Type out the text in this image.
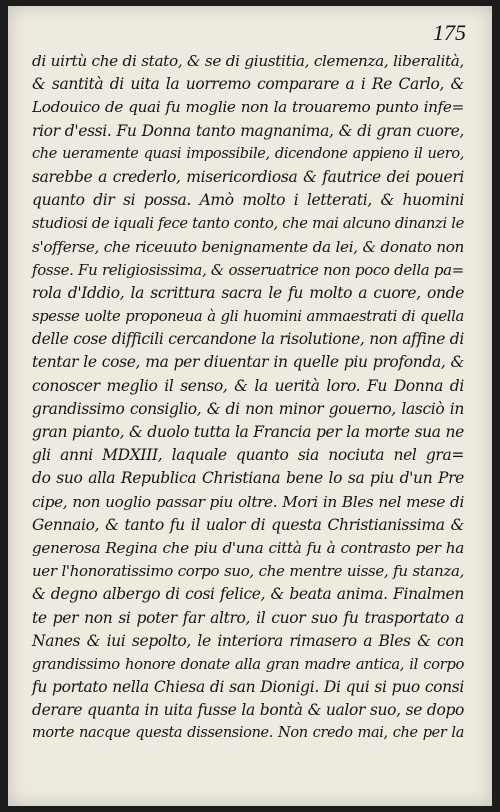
175
di uirtù che di stato, & se di giustitia, clemenza, liberalità,
& santità di uita la uorremo comparare a i Re Carlo, &
Lodouico de quai fu moglie non la trouaremo punto infe=
rior d'essi. Fu Donna tanto magnanima, & di gran cuore,
che ueramente quasi impossibile, dicendone appieno il uero,
sarebbe a crederlo, misericordiosa & fautrice dei poueri
quanto dir si possa. Amò molto i letterati, & huomini
studiosi de iquali fece tanto conto, che mai alcuno dinanzi le
s'offerse, che riceuuto benignamente da lei, & donato non
fosse. Fu religiosissima, & osseruatrice non poco della pa=
rola d'Iddio, la scrittura sacra le fu molto a cuore, onde
spesse uolte proponeua à gli huomini ammaestrati di quella
delle cose difficili cercandone la risolutione, non affine di
tentar le cose, ma per diuentar in quelle piu profonda, &
conoscer meglio il senso, & la uerità loro. Fu Donna di
grandissimo consiglio, & di non minor gouerno, lasciò in
gran pianto, & duolo tutta la Francia per la morte sua ne
gli anni MDXIII, laquale quanto sia nociuta nel gra=
do suo alla Republica Christiana bene lo sa piu d'un Pre
cipe, non uoglio passar piu oltre. Mori in Bles nel mese di
Gennaio, & tanto fu il ualor di questa Christianissima &
generosa Regina che piu d'una città fu à contrasto per ha
uer l'honoratissimo corpo suo, che mentre uisse, fu stanza,
& degno albergo di cosi felice, & beata anima. Finalmen
te per non si poter far altro, il cuor suo fu trasportato a
Nanes & iui sepolto, le interiora rimasero a Bles & con
grandissimo honore donate alla gran madre antica, il corpo
fu portato nella Chiesa di san Dionigi. Di qui si puo consi
derare quanta in uita fusse la bontà & ualor suo, se dopo
morte nacque questa dissensione. Non credo mai, che per la
